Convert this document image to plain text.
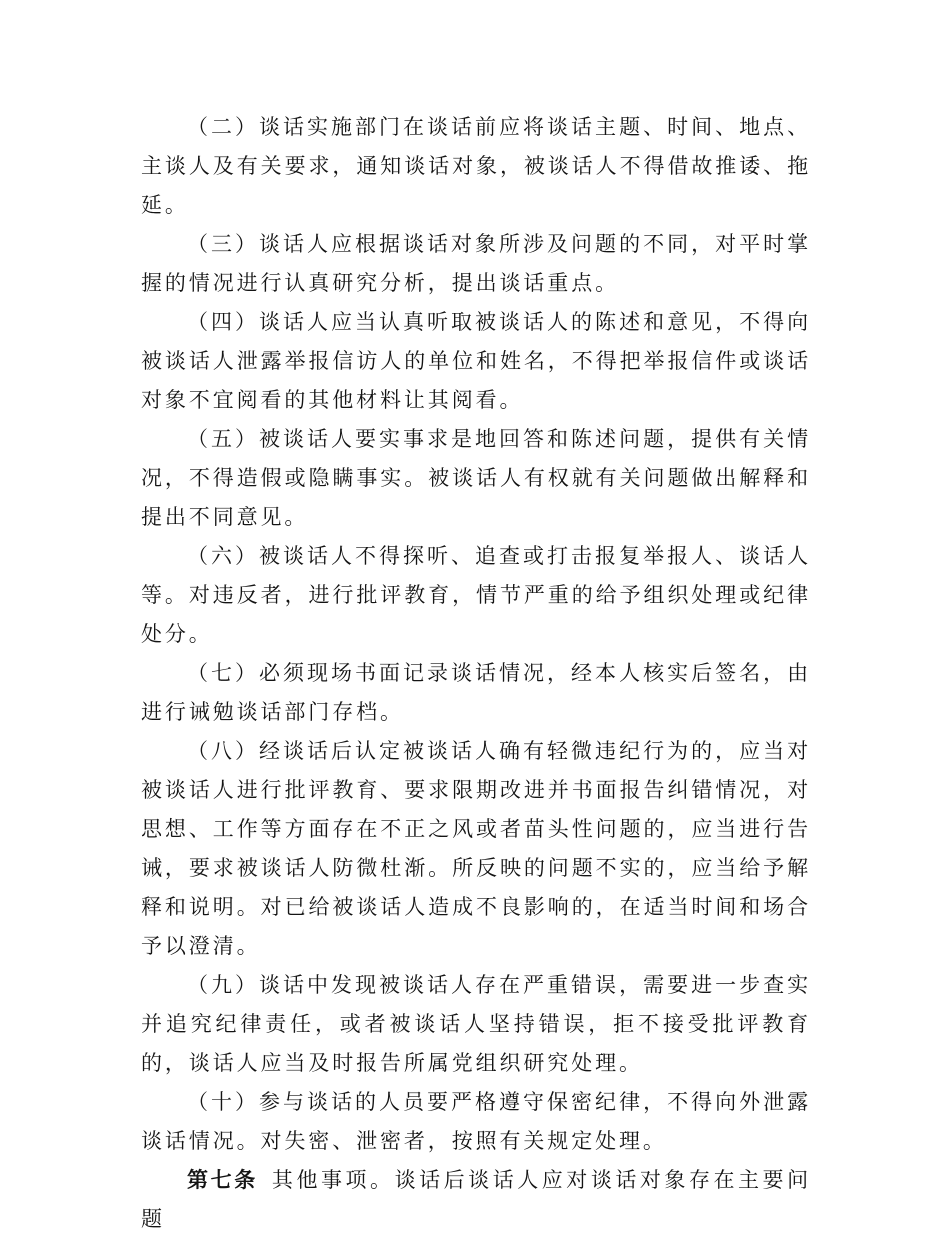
（二）谈话实施部门在谈话前应将谈话主题、时间、地点、主谈人及有关要求，通知谈话对象，被谈话人不得借故推诿、拖延。

（三）谈话人应根据谈话对象所涉及问题的不同，对平时掌握的情况进行认真研究分析，提出谈话重点。

（四）谈话人应当认真听取被谈话人的陈述和意见，不得向被谈话人泄露举报信访人的单位和姓名，不得把举报信件或谈话对象不宜阅看的其他材料让其阅看。

（五）被谈话人要实事求是地回答和陈述问题，提供有关情况，不得造假或隐瞒事实。被谈话人有权就有关问题做出解释和提出不同意见。

（六）被谈话人不得探听、追查或打击报复举报人、谈话人等。对违反者，进行批评教育，情节严重的给予组织处理或纪律处分。

（七）必须现场书面记录谈话情况，经本人核实后签名，由进行诫勉谈话部门存档。

（八）经谈话后认定被谈话人确有轻微违纪行为的，应当对被谈话人进行批评教育、要求限期改进并书面报告纠错情况，对思想、工作等方面存在不正之风或者苗头性问题的，应当进行告诫，要求被谈话人防微杜渐。所反映的问题不实的，应当给予解释和说明。对已给被谈话人造成不良影响的，在适当时间和场合予以澄清。

（九）谈话中发现被谈话人存在严重错误，需要进一步查实并追究纪律责任，或者被谈话人坚持错误，拒不接受批评教育的，谈话人应当及时报告所属党组织研究处理。

（十）参与谈话的人员要严格遵守保密纪律，不得向外泄露谈话情况。对失密、泄密者，按照有关规定处理。

第七条 其他事项。谈话后谈话人应对谈话对象存在主要问题
